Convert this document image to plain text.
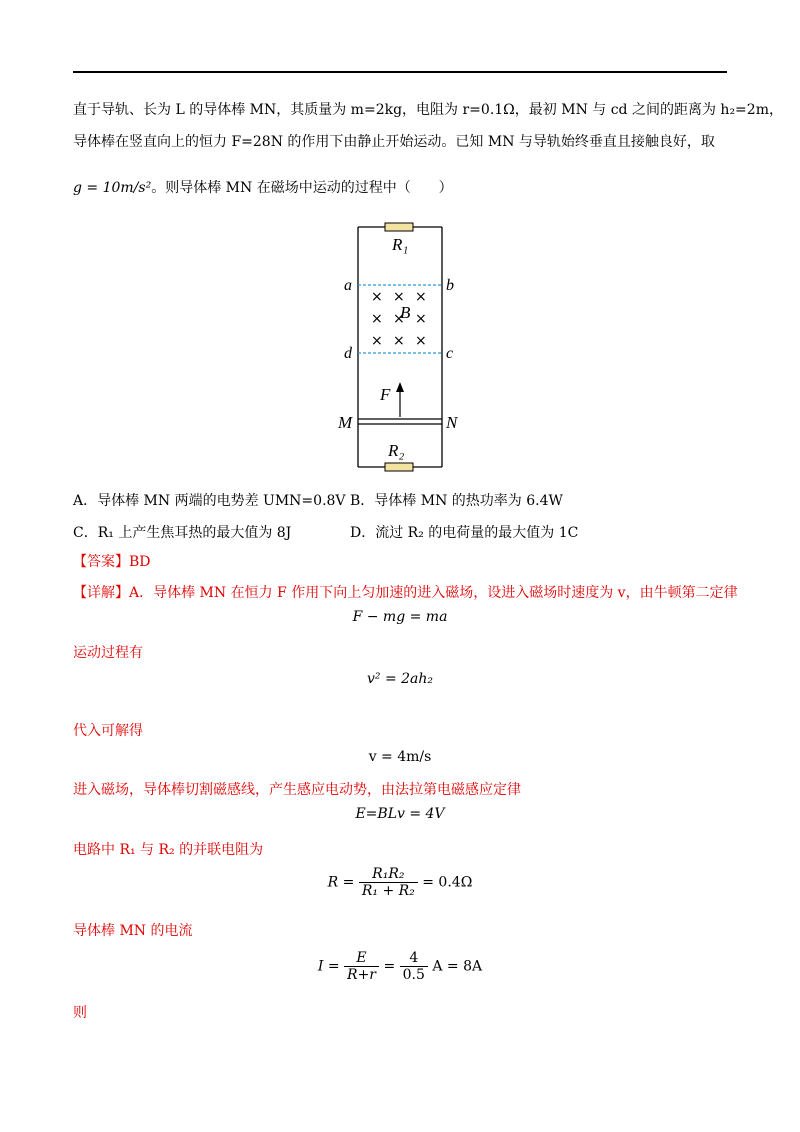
直于导轨、长为 L 的导体棒 MN，其质量为 m=2kg，电阻为 r=0.1Ω，最初 MN 与 cd 之间的距离为 h₂=2m，
导体棒在竖直向上的恒力 F=28N 的作用下由静止开始运动。已知 MN 与导轨始终垂直且接触良好，取
g = 10m/s²。则导体棒 MN 在磁场中运动的过程中（　　）
R₁
R₂
a	b
d	c
B
F
M	N
× × ×
× × ×
× × ×
A．导体棒 MN 两端的电势差 UMN=0.8V B．导体棒 MN 的热功率为 6.4W
C．R₁ 上产生焦耳热的最大值为 8J	D．流过 R₂ 的电荷量的最大值为 1C
【答案】BD
【详解】A．导体棒 MN 在恒力 F 作用下向上匀加速的进入磁场，设进入磁场时速度为 v，由牛顿第二定律
F − mg = ma
运动过程有
v² = 2ah₂
代入可解得
v = 4m/s
进入磁场，导体棒切割磁感线，产生感应电动势，由法拉第电磁感应定律
E=BLv = 4V
电路中 R₁ 与 R₂ 的并联电阻为
$R = \frac{\text{R₁R₂}}{\text{R₁ + R₂}} = 0.4\Omega$
导体棒 MN 的电流
$I = \frac{E}{R+r} = \frac{4}{0.5}$ A = 8A
则
